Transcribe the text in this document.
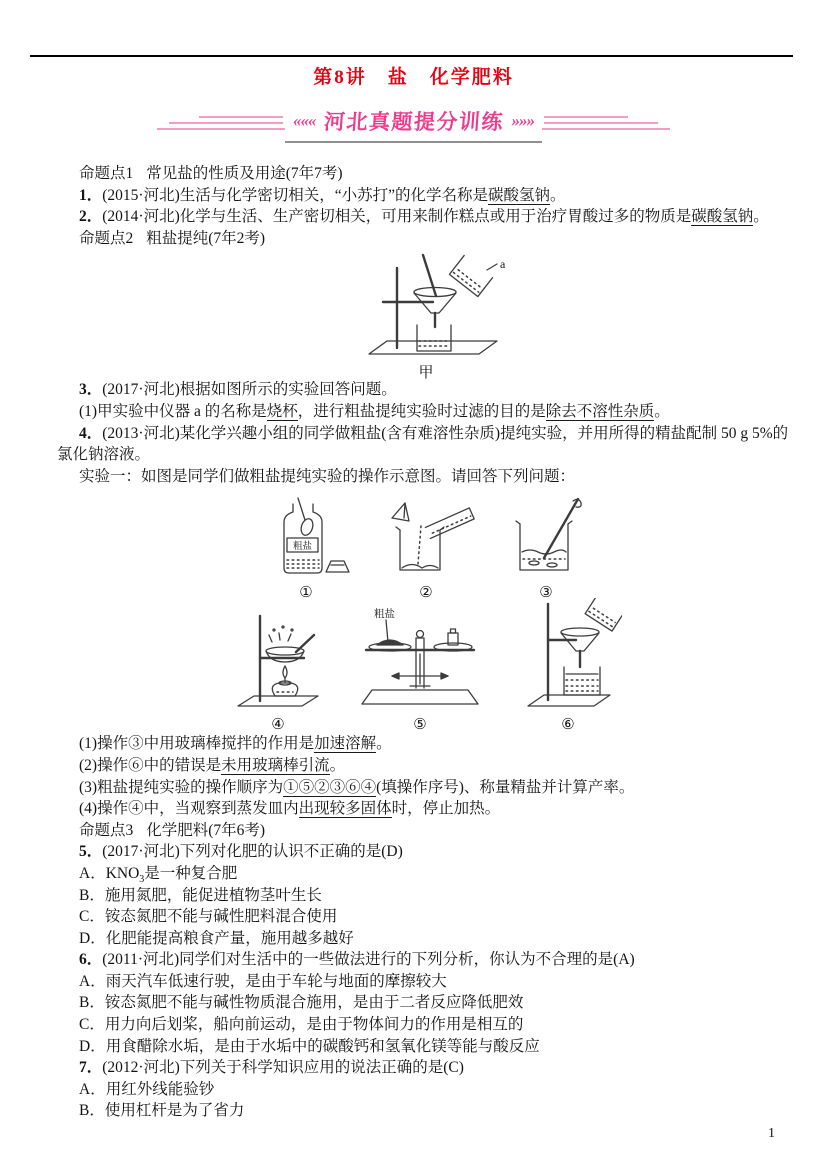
第8讲　盐　化学肥料
««« 河北真题提分训练 »»»

命题点1 常见盐的性质及用途(7年7考)

1．(2015·河北)生活与化学密切相关，“小苏打”的化学名称是碳酸氢钠。

2．(2014·河北)化学与生活、生产密切相关，可用来制作糕点或用于治疗胃酸过多的物质是碳酸氢钠。

命题点2 粗盐提纯(7年2考)

a
甲

3．(2017·河北)根据如图所示的实验回答问题。

(1)甲实验中仪器 a 的名称是烧杯，进行粗盐提纯实验时过滤的目的是除去不溶性杂质。

4．(2013·河北)某化学兴趣小组的同学做粗盐(含有难溶性杂质)提纯实验，并用所得的精盐配制 50 g 5%的氯化钠溶液。

实验一：如图是同学们做粗盐提纯实验的操作示意图。请回答下列问题：

粗盐
①	②	③
④
粗盐
⑤	⑥

(1)操作③中用玻璃棒搅拌的作用是加速溶解。

(2)操作⑥中的错误是未用玻璃棒引流。

(3)粗盐提纯实验的操作顺序为①⑤②③⑥④(填操作序号)、称量精盐并计算产率。

(4)操作④中，当观察到蒸发皿内出现较多固体时，停止加热。

命题点3 化学肥料(7年6考)

5．(2017·河北)下列对化肥的认识不正确的是(D)

A．$KNO_3$是一种复合肥

B．施用氮肥，能促进植物茎叶生长

C．铵态氮肥不能与碱性肥料混合使用

D．化肥能提高粮食产量，施用越多越好

6．(2011·河北)同学们对生活中的一些做法进行的下列分析，你认为不合理的是(A)

A．雨天汽车低速行驶，是由于车轮与地面的摩擦较大

B．铵态氮肥不能与碱性物质混合施用，是由于二者反应降低肥效

C．用力向后划桨，船向前运动，是由于物体间力的作用是相互的

D．用食醋除水垢，是由于水垢中的碳酸钙和氢氧化镁等能与酸反应

7．(2012·河北)下列关于科学知识应用的说法正确的是(C)

A．用红外线能验钞

B．使用杠杆是为了省力

1
